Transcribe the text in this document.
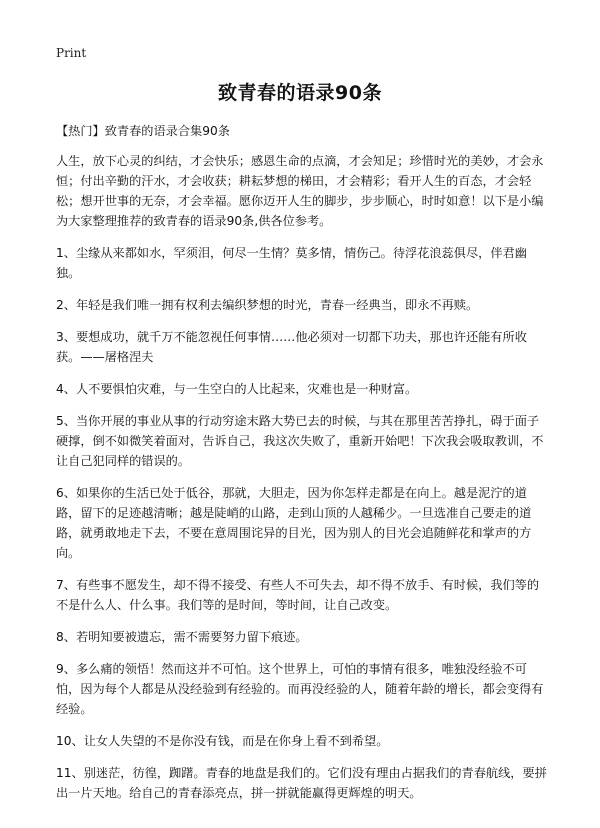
Print
致青春的语录90条

【热门】致青春的语录合集90条

人生，放下心灵的纠结，才会快乐；感恩生命的点滴，才会知足；珍惜时光的美妙，才会永恒；付出辛勤的汗水，才会收获；耕耘梦想的梯田，才会精彩；看开人生的百态，才会轻松；想开世事的无奈，才会幸福。愿你迈开人生的脚步，步步顺心，时时如意！以下是小编为大家整理推荐的致青春的语录90条,供各位参考。

1、尘缘从来都如水，罕须泪，何尽一生情？莫多情，情伤己。待浮花浪蕊俱尽，伴君幽独。

2、年轻是我们唯一拥有权利去编织梦想的时光，青春一经典当，即永不再赎。

3、要想成功，就千万不能忽视任何事情……他必须对一切都下功夫，那也许还能有所收获。——屠格涅夫

4、人不要惧怕灾难，与一生空白的人比起来，灾难也是一种财富。

5、当你开展的事业从事的行动穷途末路大势已去的时候，与其在那里苦苦挣扎，碍于面子硬撑，倒不如微笑着面对，告诉自己，我这次失败了，重新开始吧！下次我会吸取教训，不让自己犯同样的错误的。

6、如果你的生活已处于低谷，那就，大胆走，因为你怎样走都是在向上。越是泥泞的道路，留下的足迹越清晰；越是陡峭的山路，走到山顶的人越稀少。一旦选准自己要走的道路，就勇敢地走下去，不要在意周围诧异的目光，因为别人的目光会追随鲜花和掌声的方向。

7、有些事不愿发生，却不得不接受、有些人不可失去，却不得不放手、有时候，我们等的不是什么人、什么事。我们等的是时间，等时间，让自己改变。

8、若明知要被遗忘，需不需要努力留下痕迹。

9、多么痛的领悟！然而这并不可怕。这个世界上，可怕的事情有很多，唯独没经验不可怕，因为每个人都是从没经验到有经验的。而再没经验的人，随着年龄的增长，都会变得有经验。

10、让女人失望的不是你没有钱，而是在你身上看不到希望。

11、别迷茫，彷徨，踟躇。青春的地盘是我们的。它们没有理由占据我们的青春航线，要拼出一片天地。给自己的青春添亮点，拼一拼就能赢得更辉煌的明天。
